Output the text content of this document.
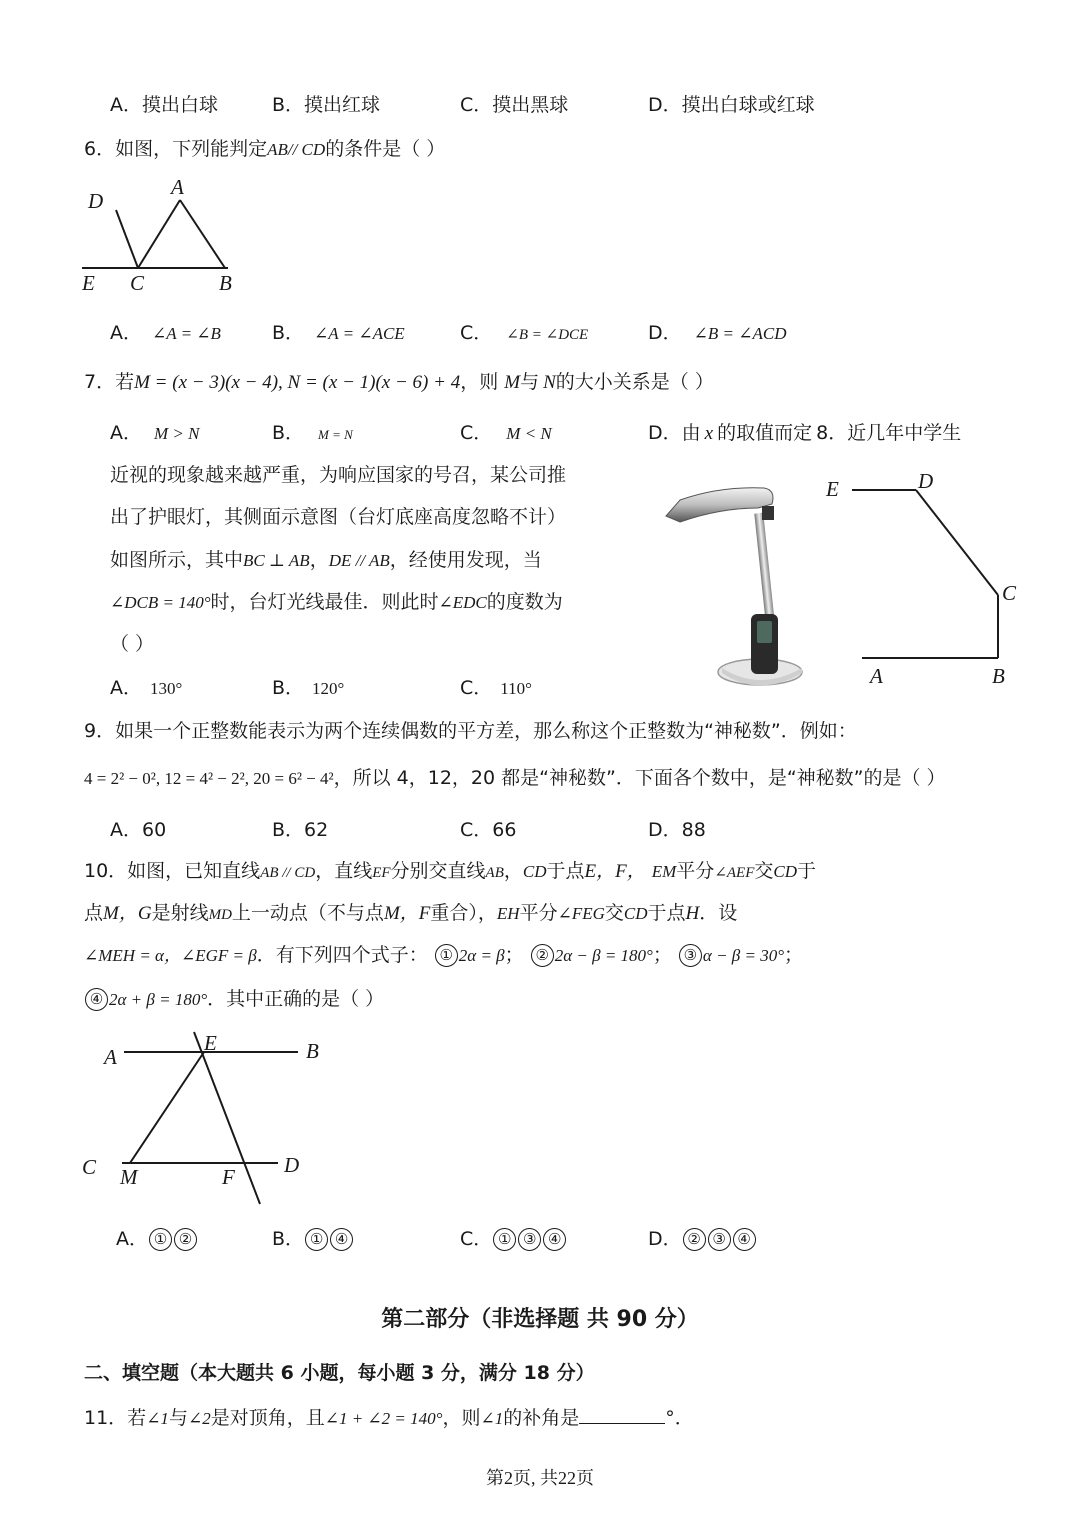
A．摸出白球	B．摸出红球	C．摸出黑球	D．摸出白球或红球
6．如图，下列能判定AB// CD的条件是（ ）
D
A
E C	B
A． ∠A = ∠B	B． ∠A = ∠ACE	C． ∠B = ∠DCE	D． ∠B = ∠ACD
7．若M = (x − 3)(x − 4), N = (x − 1)(x − 6) + 4，则 M与 N的大小关系是（ ）
A． M > N	B． M = N	C． M < N	D．由 x 的取值而定 8．近几年中学生
近视的现象越来越严重，为响应国家的号召，某公司推
出了护眼灯，其侧面示意图（台灯底座高度忽略不计）
如图所示，其中BC ⊥ AB，DE // AB，经使用发现，当
∠DCB = 140°时，台灯光线最佳．则此时∠EDC的度数为
（ ）
A． 130°	B． 120°	C． 110°
E	D
C
A	B
9．如果一个正整数能表示为两个连续偶数的平方差，那么称这个正整数为“神秘数”．例如：
4 = 2² − 0², 12 = 4² − 2², 20 = 6² − 4²，所以 4，12，20 都是“神秘数”．下面各个数中，是“神秘数”的是（ ）
A．60	B．62	C．66	D．88
10．如图，已知直线AB // CD，直线EF分别交直线AB，CD于点E，F， EM平分∠AEF交CD于
点M，G是射线MD上一动点（不与点M，F重合），EH平分∠FEG交CD于点H．设
∠MEH = α，∠EGF = β．有下列四个式子： ① 2α = β； ② 2α − β = 180°； ③ α − β = 30°；
④ 2α + β = 180°．其中正确的是（ ）
A
E	B
C M	F D
A． ① ②	B． ① ④	C． ① ③ ④	D． ② ③ ④
第二部分（非选择题 共 90 分）
二、填空题（本大题共 6 小题，每小题 3 分，满分 18 分）
11．若∠1与∠2是对顶角，且∠1 + ∠2 = 140°，则∠1的补角是	°．
第2页, 共22页
